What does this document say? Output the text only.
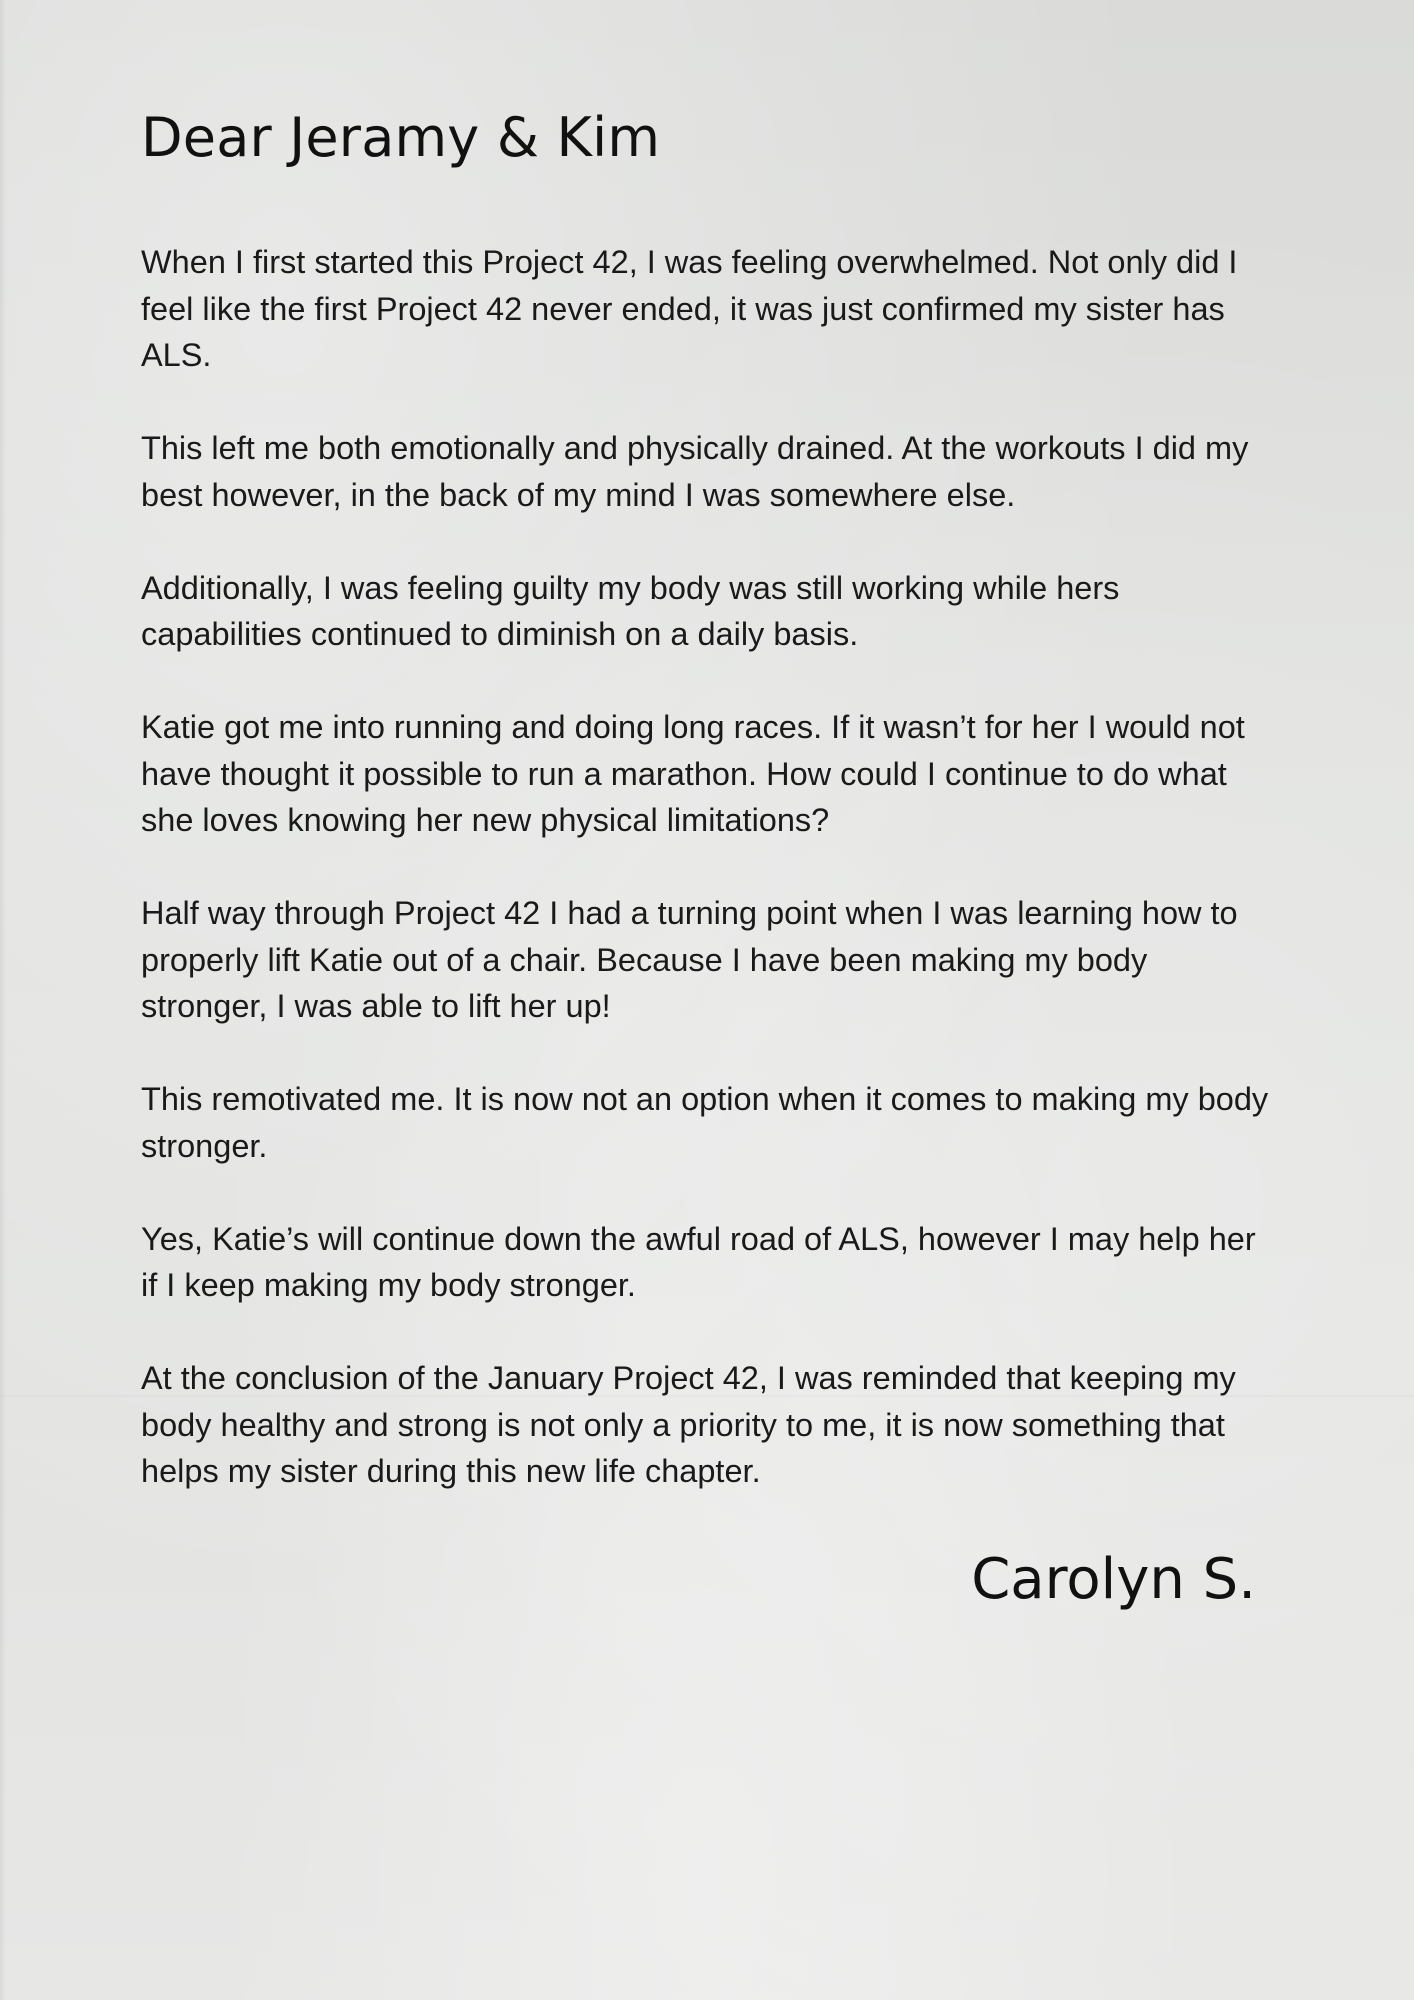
Dear Jeramy & Kim

When I first started this Project 42, I was feeling overwhelmed. Not only did I feel like the first Project 42 never ended, it was just confirmed my sister has ALS.

This left me both emotionally and physically drained. At the workouts I did my best however, in the back of my mind I was somewhere else.

Additionally, I was feeling guilty my body was still working while hers capabilities continued to diminish on a daily basis.

Katie got me into running and doing long races. If it wasn’t for her I would not have thought it possible to run a marathon. How could I continue to do what she loves knowing her new physical limitations?

Half way through Project 42 I had a turning point when I was learning how to properly lift Katie out of a chair. Because I have been making my body stronger, I was able to lift her up!

This remotivated me. It is now not an option when it comes to making my body stronger.

Yes, Katie’s will continue down the awful road of ALS, however I may help her if I keep making my body stronger.

At the conclusion of the January Project 42, I was reminded that keeping my body healthy and strong is not only a priority to me, it is now something that helps my sister during this new life chapter.

Carolyn S.
